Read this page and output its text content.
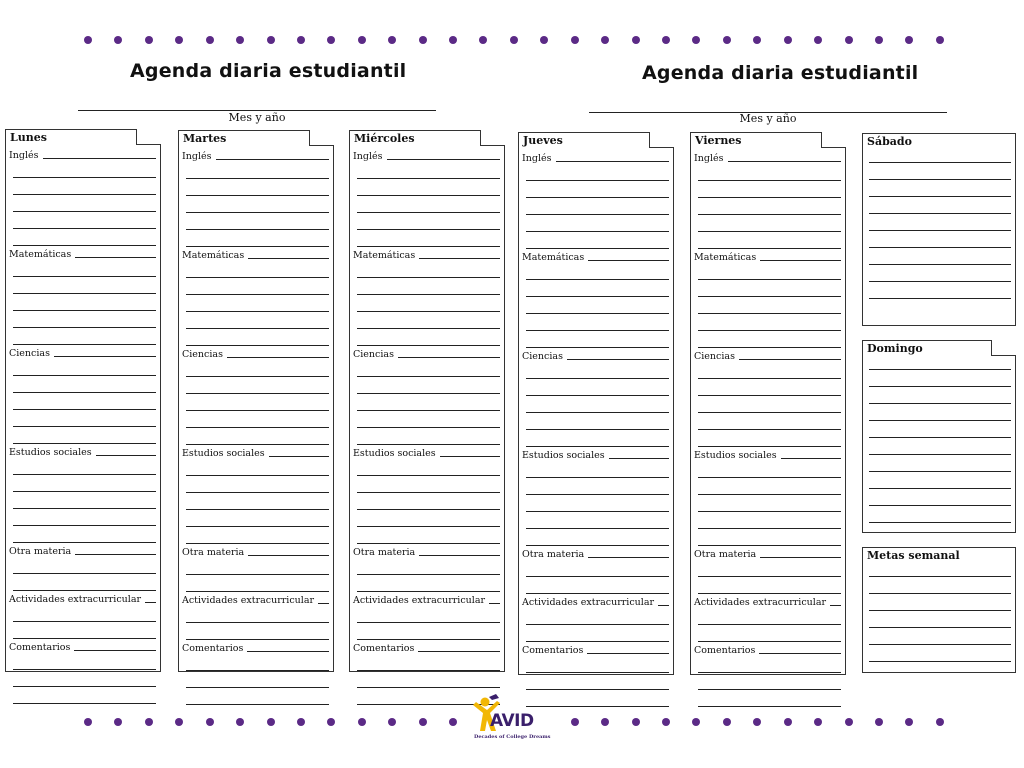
Agenda diaria estudiantil
Mes y año
Agenda diaria estudiantil
Mes y año
Lunes
Inglés
Matemáticas
Ciencias
Estudios sociales
Otra materia
Actividades extracurricular
Comentarios
Martes
Inglés
Matemáticas
Ciencias
Estudios sociales
Otra materia
Actividades extracurricular
Comentarios
Miércoles
Inglés
Matemáticas
Ciencias
Estudios sociales
Otra materia
Actividades extracurricular
Comentarios
Jueves
Inglés
Matemáticas
Ciencias
Estudios sociales
Otra materia
Actividades extracurricular
Comentarios
Viernes
Inglés
Matemáticas
Ciencias
Estudios sociales
Otra materia
Actividades extracurricular
Comentarios
Sábado
Domingo
Metas semanal
AVID
Decades of College Dreams
